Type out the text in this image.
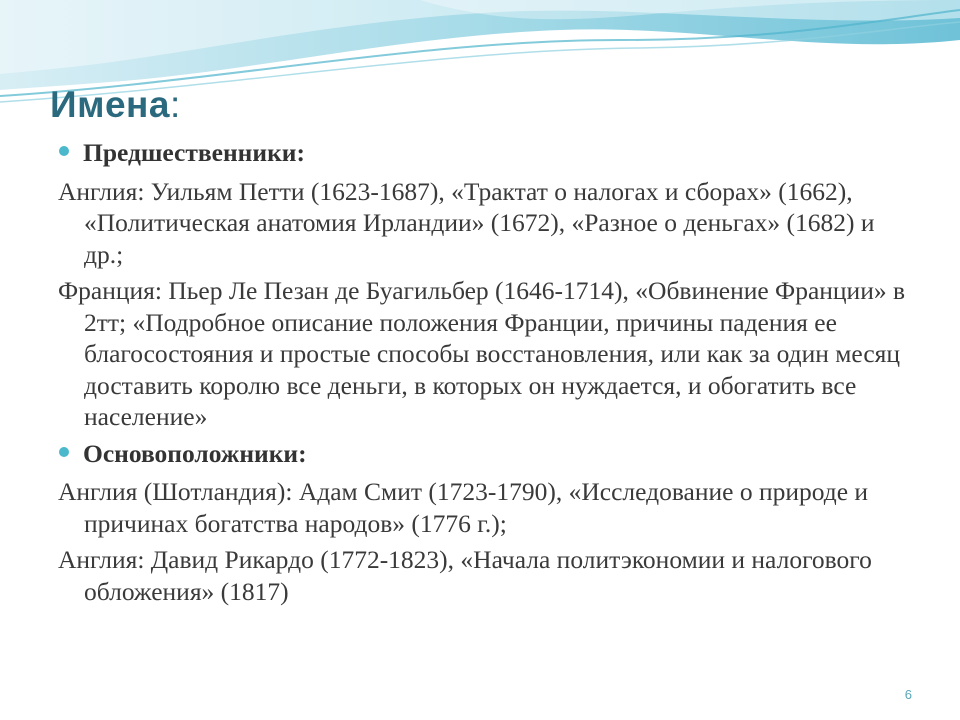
Имена:
Предшественники:

Англия: Уильям Петти (1623-1687), «Трактат о налогах и сборах» (1662), «Политическая анатомия Ирландии» (1672), «Разное о деньгах» (1682) и др.;

Франция: Пьер Ле Пезан де Буагильбер (1646-1714), «Обвинение Франции» в 2тт; «Подробное описание положения Франции, причины падения ее благосостояния и простые способы восстановления, или как за один месяц доставить королю все деньги, в которых он нуждается, и обогатить все население»

Основоположники:

Англия (Шотландия): Адам Смит (1723-1790), «Исследование о природе и причинах богатства народов» (1776 г.);

Англия: Давид Рикардо (1772-1823), «Начала политэкономии и налогового обложения» (1817)

6
